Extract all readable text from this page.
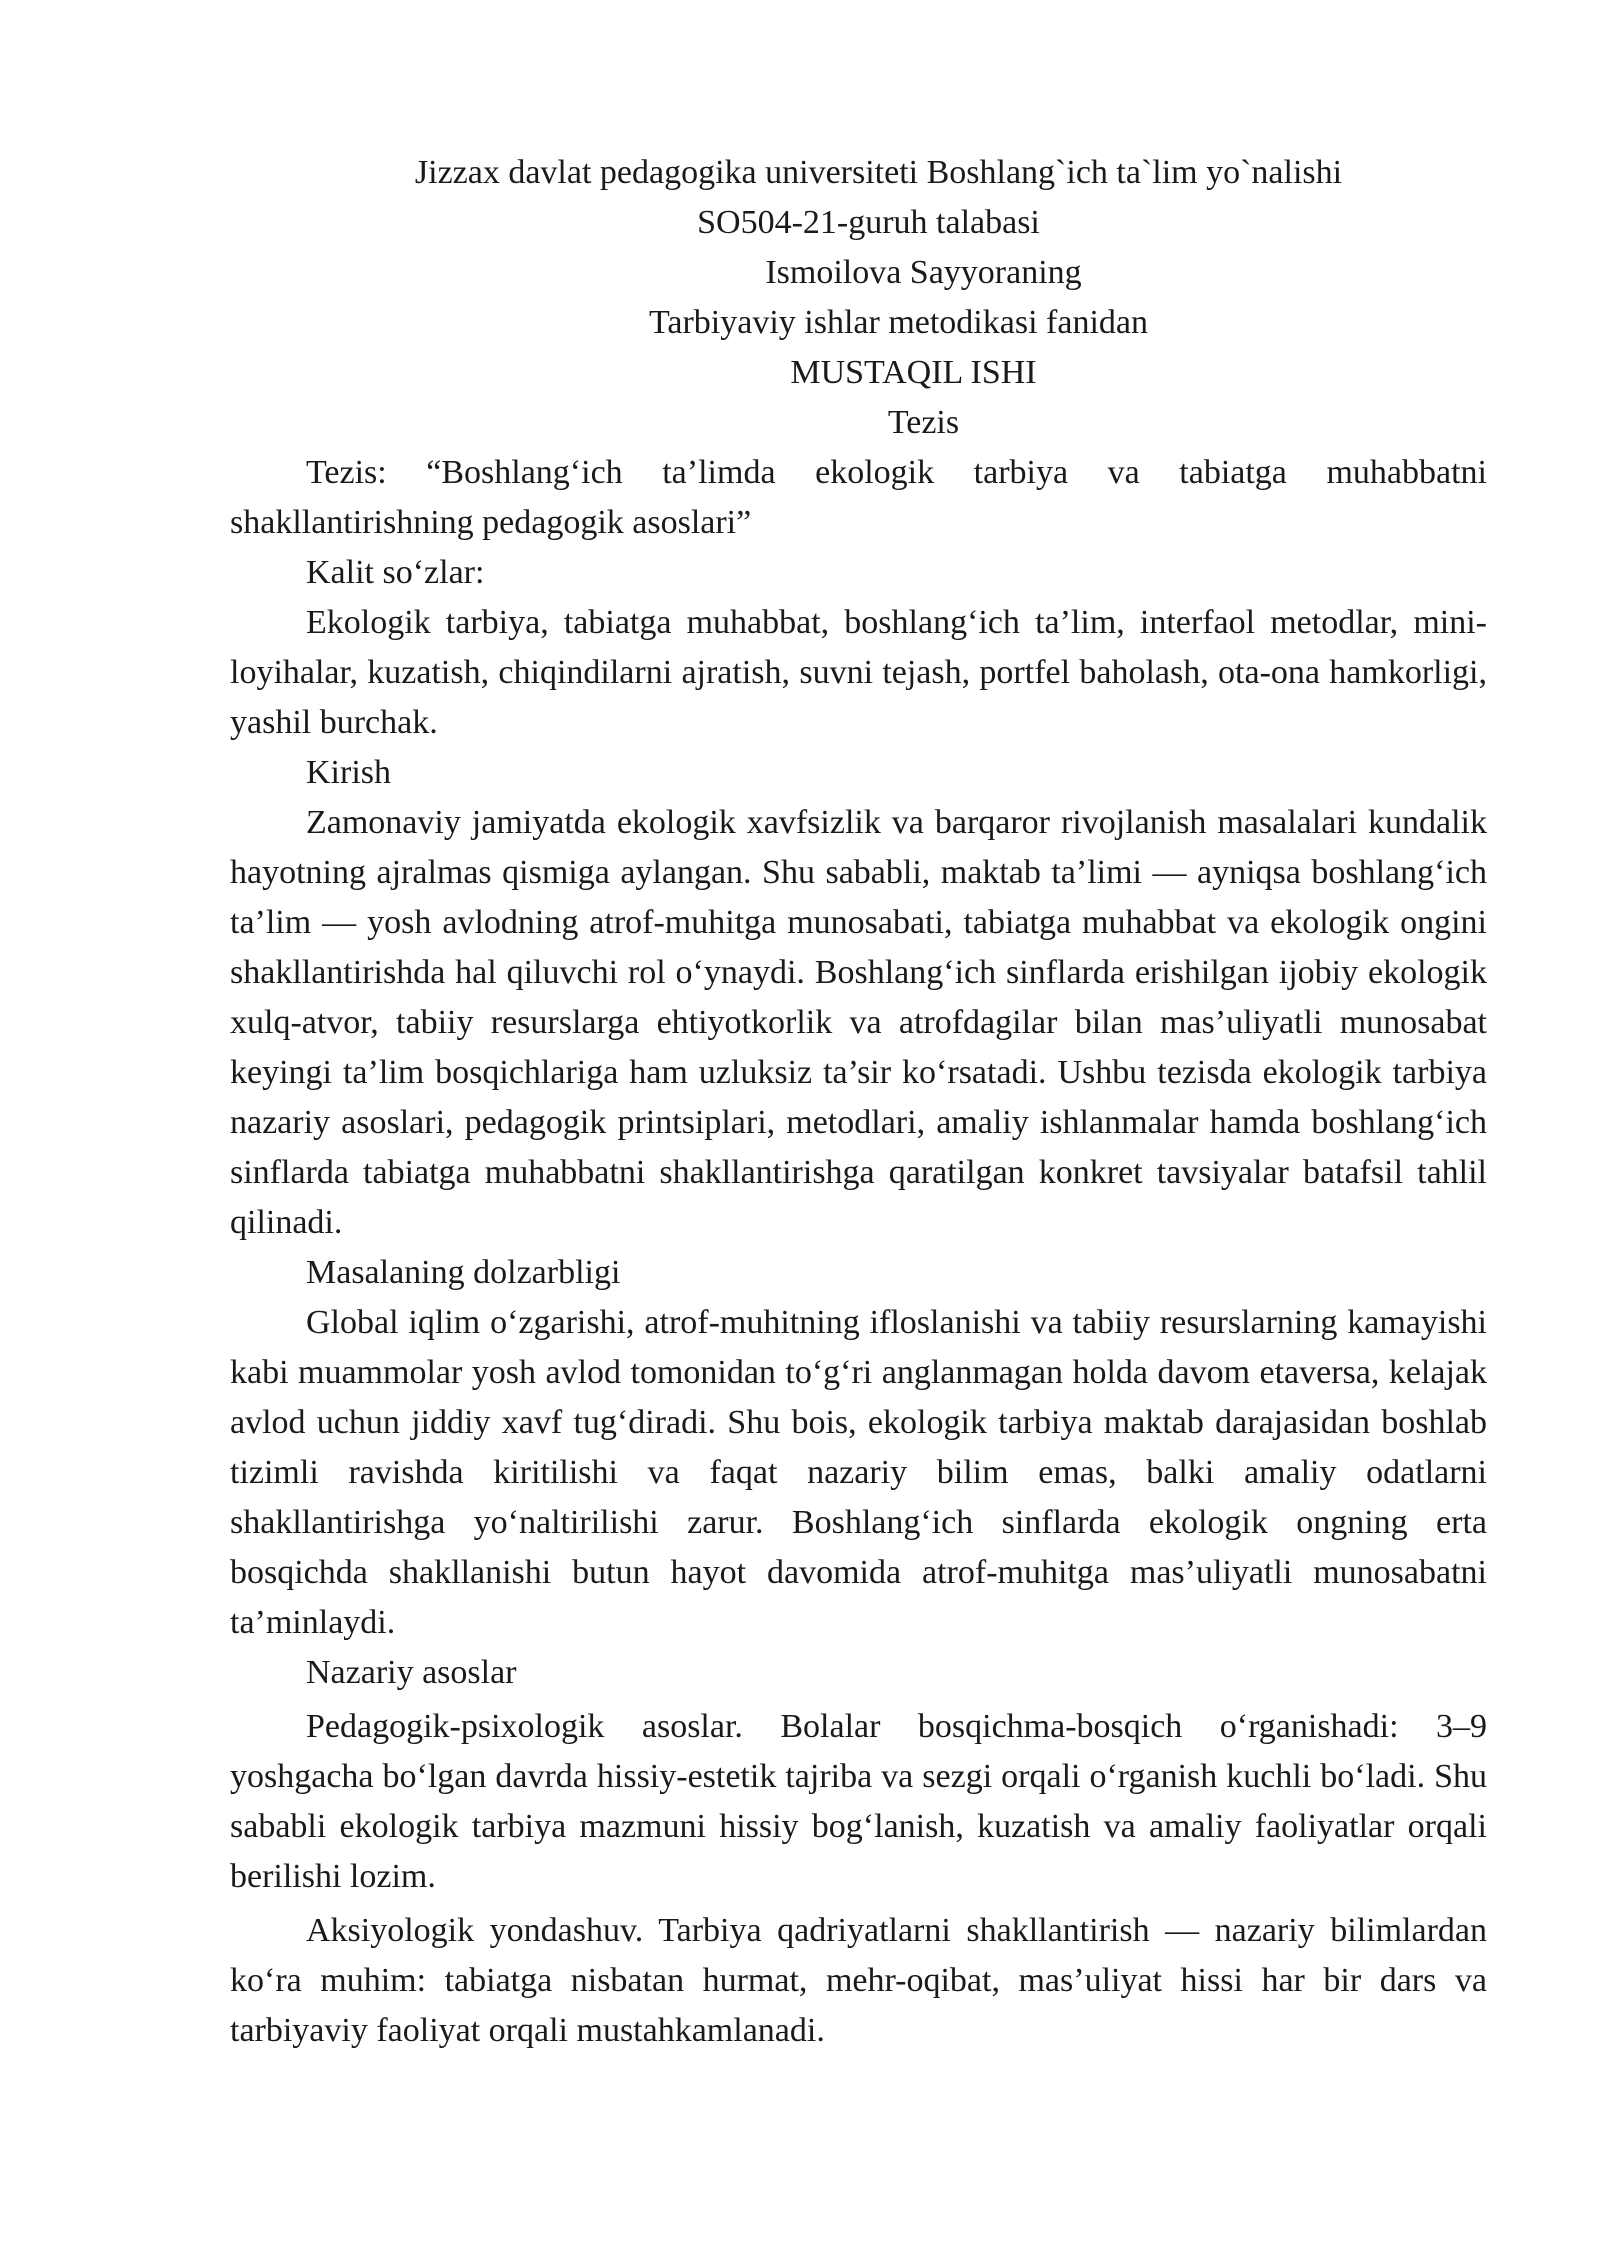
Jizzax davlat pedagogika universiteti Boshlang`ich ta`lim yo`nalishi

SO504-21-guruh talabasi

Ismoilova Sayyoraning

Tarbiyaviy ishlar metodikasi fanidan

MUSTAQIL ISHI

Tezis

Tezis: “Boshlang‘ich ta’limda ekologik tarbiya va tabiatga muhabbatni shakllantirishning pedagogik asoslari”

Kalit so‘zlar:

Ekologik tarbiya, tabiatga muhabbat, boshlang‘ich ta’lim, interfaol metodlar, mini-loyihalar, kuzatish, chiqindilarni ajratish, suvni tejash, portfel baholash, ota-ona hamkorligi, yashil burchak.

Kirish

Zamonaviy jamiyatda ekologik xavfsizlik va barqaror rivojlanish masalalari kundalik hayotning ajralmas qismiga aylangan. Shu sababli, maktab ta’limi — ayniqsa boshlang‘ich ta’lim — yosh avlodning atrof-muhitga munosabati, tabiatga muhabbat va ekologik ongini shakllantirishda hal qiluvchi rol o‘ynaydi. Boshlang‘ich sinflarda erishilgan ijobiy ekologik xulq-atvor, tabiiy resurslarga ehtiyotkorlik va atrofdagilar bilan mas’uliyatli munosabat keyingi ta’lim bosqichlariga ham uzluksiz ta’sir ko‘rsatadi. Ushbu tezisda ekologik tarbiya nazariy asoslari, pedagogik printsiplari, metodlari, amaliy ishlanmalar hamda boshlang‘ich sinflarda tabiatga muhabbatni shakllantirishga qaratilgan konkret tavsiyalar batafsil tahlil qilinadi.

Masalaning dolzarbligi

Global iqlim o‘zgarishi, atrof-muhitning ifloslanishi va tabiiy resurslarning kamayishi kabi muammolar yosh avlod tomonidan to‘g‘ri anglanmagan holda davom etaversa, kelajak avlod uchun jiddiy xavf tug‘diradi. Shu bois, ekologik tarbiya maktab darajasidan boshlab tizimli ravishda kiritilishi va faqat nazariy bilim emas, balki amaliy odatlarni shakllantirishga yo‘naltirilishi zarur. Boshlang‘ich sinflarda ekologik ongning erta bosqichda shakllanishi butun hayot davomida atrof-muhitga mas’uliyatli munosabatni ta’minlaydi.

Nazariy asoslar

Pedagogik-psixologik asoslar. Bolalar bosqichma-bosqich o‘rganishadi: 3–9 yoshgacha bo‘lgan davrda hissiy-estetik tajriba va sezgi orqali o‘rganish kuchli bo‘ladi. Shu sababli ekologik tarbiya mazmuni hissiy bog‘lanish, kuzatish va amaliy faoliyatlar orqali berilishi lozim.

Aksiyologik yondashuv. Tarbiya qadriyatlarni shakllantirish — nazariy bilimlardan ko‘ra muhim: tabiatga nisbatan hurmat, mehr-oqibat, mas’uliyat hissi har bir dars va tarbiyaviy faoliyat orqali mustahkamlanadi.
